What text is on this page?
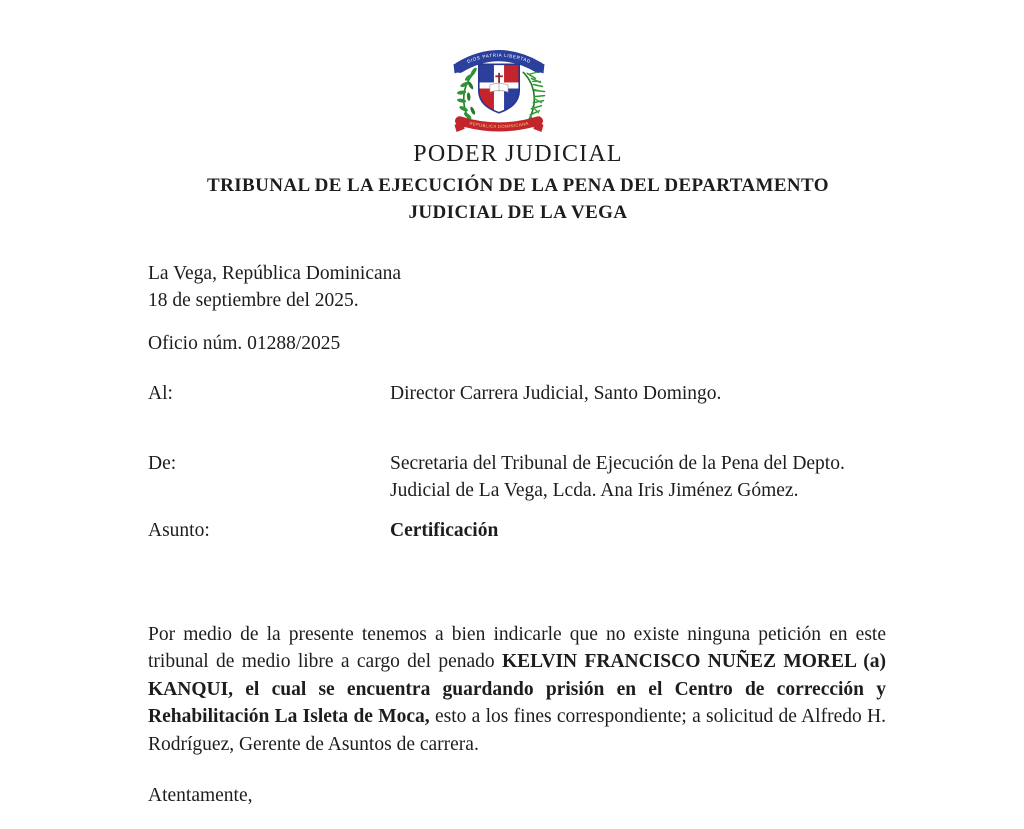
DIOS PATRIA LIBERTAD
REPÚBLICA DOMINICANA
PODER JUDICIAL
TRIBUNAL DE LA EJECUCIÓN DE LA PENA DEL DEPARTAMENTO
JUDICIAL DE LA VEGA
La Vega, República Dominicana
18 de septiembre del 2025.
Oficio núm. 01288/2025
Al:	Director Carrera Judicial, Santo Domingo.
De:	Secretaria del Tribunal de Ejecución de la Pena del Depto.
Judicial de La Vega, Lcda. Ana Iris Jiménez Gómez.
Asunto:	Certificación

Por medio de la presente tenemos a bien indicarle que no existe ninguna petición en este tribunal de medio libre a cargo del penado KELVIN FRANCISCO NUÑEZ MOREL (a) KANQUI, el cual se encuentra guardando prisión en el Centro de corrección y Rehabilitación La Isleta de Moca, esto a los fines correspondiente; a solicitud de Alfredo H. Rodríguez, Gerente de Asuntos de carrera.

Atentamente,
